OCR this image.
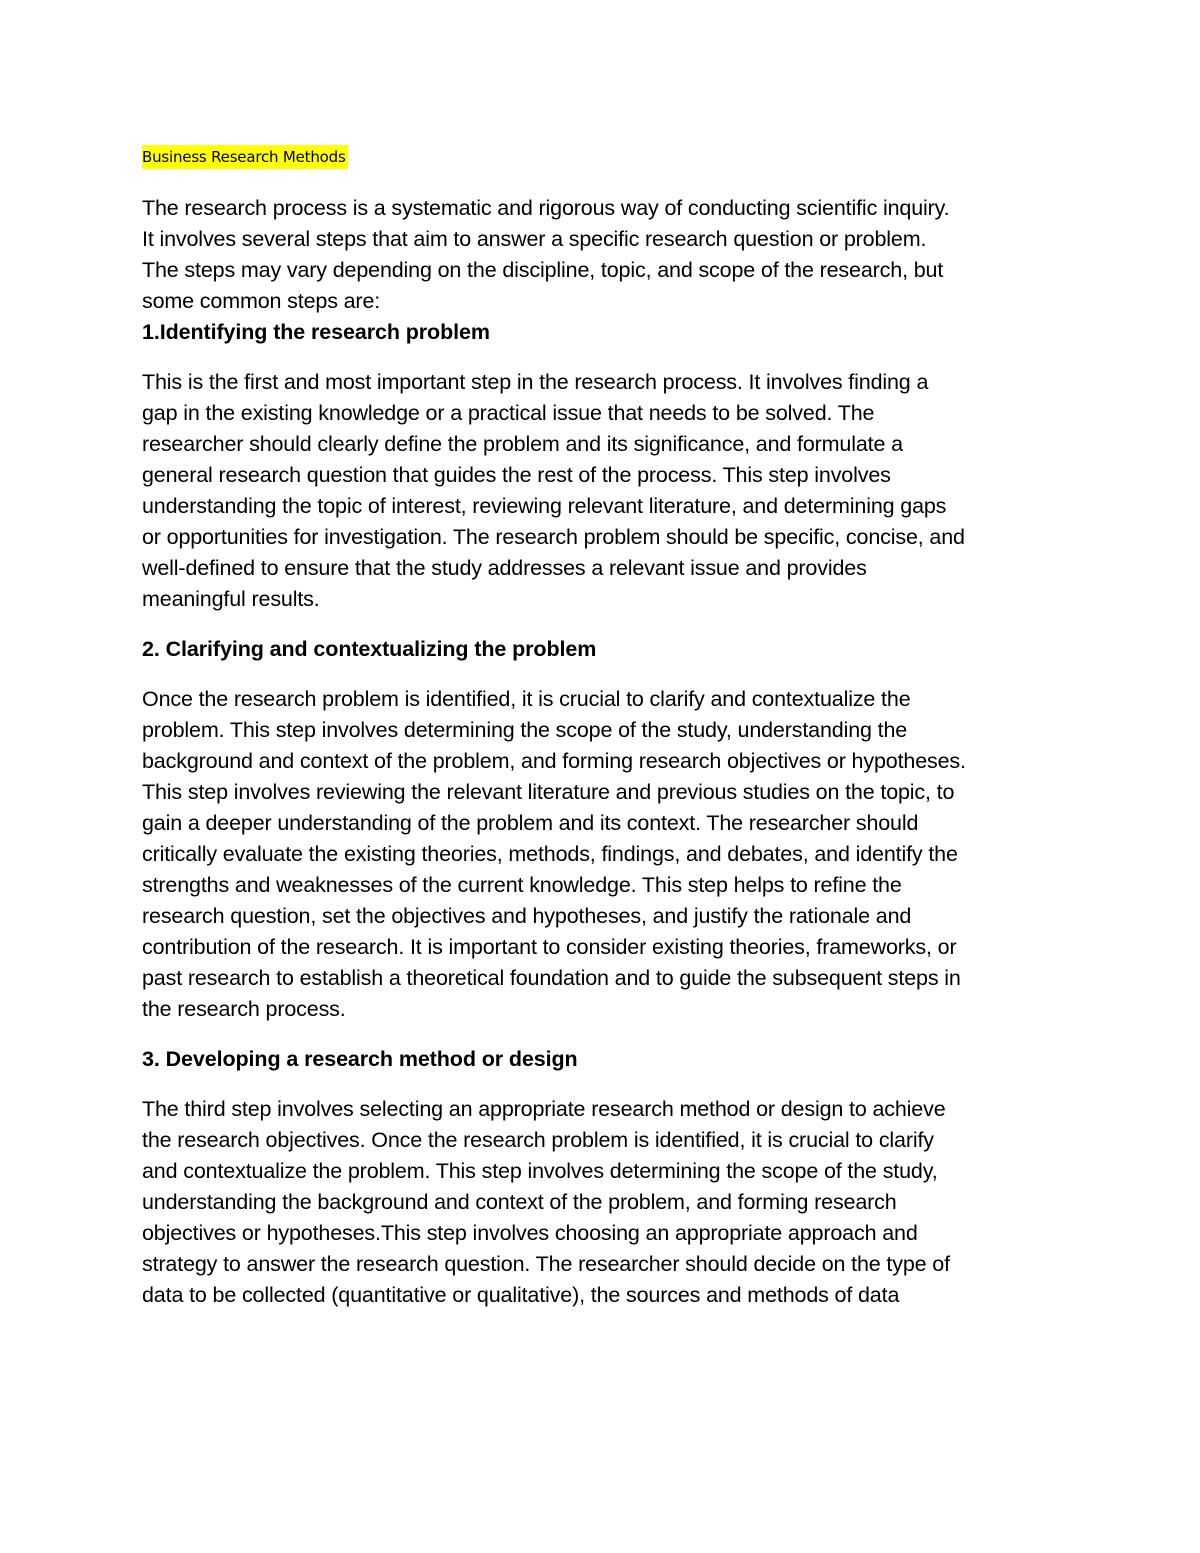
Business Research Methods

The research process is a systematic and rigorous way of conducting scientific inquiry.
It involves several steps that aim to answer a specific research question or problem.
The steps may vary depending on the discipline, topic, and scope of the research, but
some common steps are:

1.Identifying the research problem

This is the first and most important step in the research process. It involves finding a
gap in the existing knowledge or a practical issue that needs to be solved. The
researcher should clearly define the problem and its significance, and formulate a
general research question that guides the rest of the process. This step involves
understanding the topic of interest, reviewing relevant literature, and determining gaps
or opportunities for investigation. The research problem should be specific, concise, and
well-defined to ensure that the study addresses a relevant issue and provides
meaningful results.

2. Clarifying and contextualizing the problem

Once the research problem is identified, it is crucial to clarify and contextualize the
problem. This step involves determining the scope of the study, understanding the
background and context of the problem, and forming research objectives or hypotheses.
This step involves reviewing the relevant literature and previous studies on the topic, to
gain a deeper understanding of the problem and its context. The researcher should
critically evaluate the existing theories, methods, findings, and debates, and identify the
strengths and weaknesses of the current knowledge. This step helps to refine the
research question, set the objectives and hypotheses, and justify the rationale and
contribution of the research. It is important to consider existing theories, frameworks, or
past research to establish a theoretical foundation and to guide the subsequent steps in
the research process.

3. Developing a research method or design

The third step involves selecting an appropriate research method or design to achieve
the research objectives. Once the research problem is identified, it is crucial to clarify
and contextualize the problem. This step involves determining the scope of the study,
understanding the background and context of the problem, and forming research
objectives or hypotheses.This step involves choosing an appropriate approach and
strategy to answer the research question. The researcher should decide on the type of
data to be collected (quantitative or qualitative), the sources and methods of data
